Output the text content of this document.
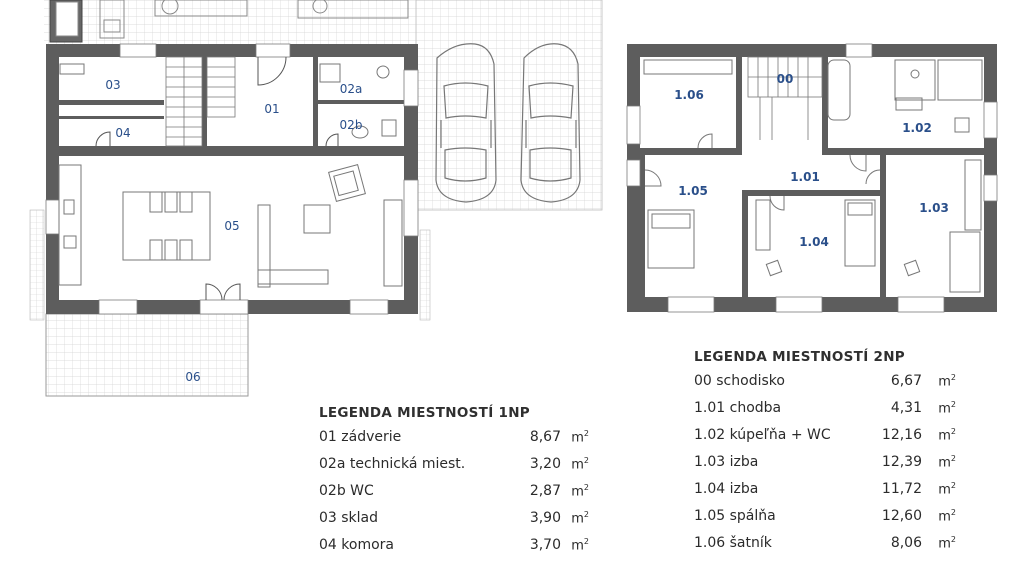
03
04
01
02a
02b
05
06
00
1.06
1.02
1.01
1.05
1.04
1.03
LEGENDA MIESTNOSTÍ 1NP
01 zádverie	8,67 $m^2$
02a technická miest.	3,20 $m^2$
02b WC	2,87 $m^2$
03 sklad	3,90 $m^2$
04 komora	3,70 $m^2$
LEGENDA MIESTNOSTÍ 2NP
00 schodisko	6,67 $m^2$
1.01 chodba	4,31 $m^2$
1.02 kúpeľňa + WC	12,16 $m^2$
1.03 izba	12,39 $m^2$
1.04 izba	11,72 $m^2$
1.05 spálňa	12,60 $m^2$
1.06 šatník	8,06 $m^2$
